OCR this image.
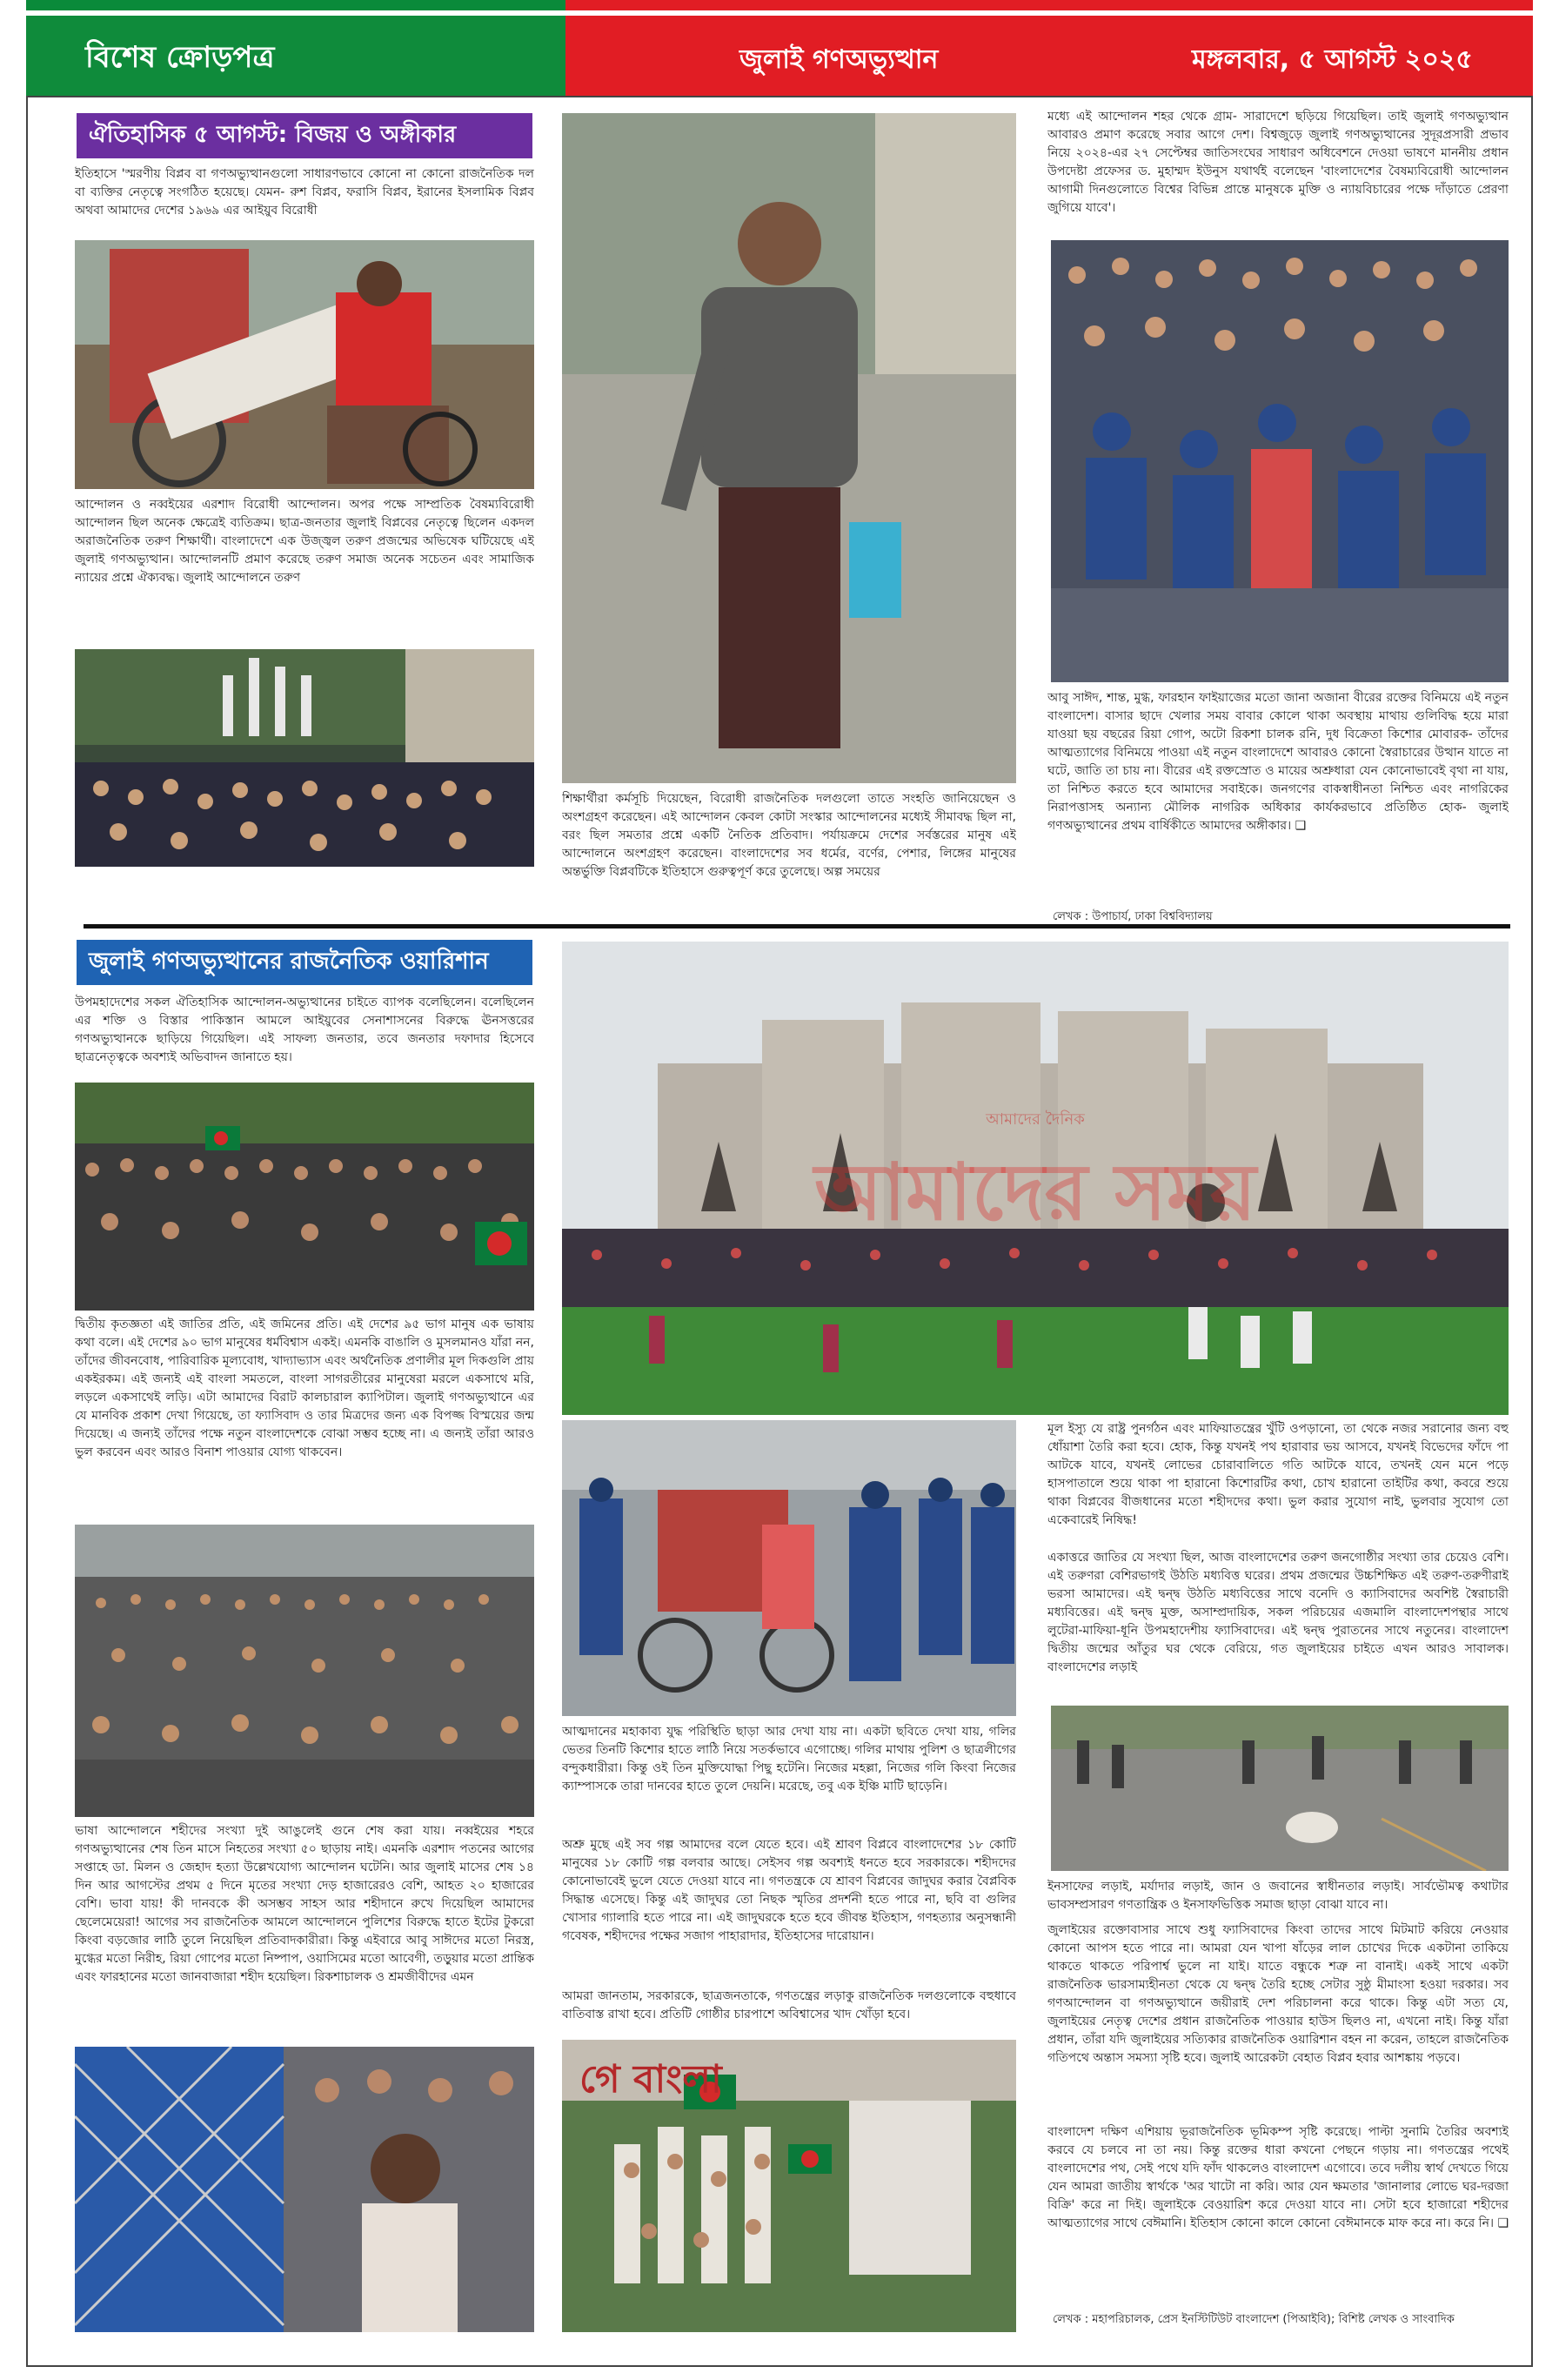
বিশেষ ক্রোড়পত্র	জুলাই গণঅভ্যুত্থান	মঙ্গলবার, ৫ আগস্ট ২০২৫
ঐতিহাসিক ৫ আগস্ট: বিজয় ও অঙ্গীকার

ইতিহাসে 'স্মরণীয় বিপ্লব বা গণঅভ্যুত্থানগুলো সাধারণভাবে কোনো না কোনো রাজনৈতিক দল বা ব্যক্তির নেতৃত্বে সংগঠিত হয়েছে। যেমন- রুশ বিপ্লব, ফরাসি বিপ্লব, ইরানের ইসলামিক বিপ্লব অথবা আমাদের দেশের ১৯৬৯ এর আইয়ুব বিরোধী

আন্দোলন ও নব্বইয়ের এরশাদ বিরোধী আন্দোলন। অপর পক্ষে সাম্প্রতিক বৈষম্যবিরোধী আন্দোলন ছিল অনেক ক্ষেত্রেই ব্যতিক্রম। ছাত্র-জনতার জুলাই বিপ্লবের নেতৃত্বে ছিলেন একদল অরাজনৈতিক তরুণ শিক্ষার্থী। বাংলাদেশে এক উজ্জ্বল তরুণ প্রজন্মের অভিষেক ঘটিয়েছে এই জুলাই গণঅভ্যুত্থান। আন্দোলনটি প্রমাণ করেছে তরুণ সমাজ অনেক সচেতন এবং সামাজিক ন্যায়ের প্রশ্নে ঐক্যবদ্ধ। জুলাই আন্দোলনে তরুণ

শিক্ষার্থীরা কর্মসূচি দিয়েছেন, বিরোধী রাজনৈতিক দলগুলো তাতে সংহতি জানিয়েছেন ও অংশগ্রহণ করেছেন। এই আন্দোলন কেবল কোটা সংস্কার আন্দোলনের মধ্যেই সীমাবদ্ধ ছিল না, বরং ছিল সমতার প্রশ্নে একটি নৈতিক প্রতিবাদ। পর্যায়ক্রমে দেশের সর্বস্তরের মানুষ এই আন্দোলনে অংশগ্রহণ করেছেন। বাংলাদেশের সব ধর্মের, বর্ণের, পেশার, লিঙ্গের মানুষের অন্তর্ভুক্তি বিপ্লবটিকে ইতিহাসে গুরুত্বপূর্ণ করে তুলেছে। অল্প সময়ের

মধ্যে এই আন্দোলন শহর থেকে গ্রাম- সারাদেশে ছড়িয়ে গিয়েছিল। তাই জুলাই গণঅভ্যুত্থান আবারও প্রমাণ করেছে সবার আগে দেশ। বিশ্বজুড়ে জুলাই গণঅভ্যুত্থানের সুদূরপ্রসারী প্রভাব নিয়ে ২০২৪-এর ২৭ সেপ্টেম্বর জাতিসংঘের সাধারণ অধিবেশনে দেওয়া ভাষণে মাননীয় প্রধান উপদেষ্টা প্রফেসর ড. মুহাম্মদ ইউনুস যথার্থই বলেছেন 'বাংলাদেশের বৈষম্যবিরোধী আন্দোলন আগামী দিনগুলোতে বিশ্বের বিভিন্ন প্রান্তে মানুষকে মুক্তি ও ন্যায়বিচারের পক্ষে দাঁড়াতে প্রেরণা জুগিয়ে যাবে'।

আবু সাঈদ, শান্ত, মুগ্ধ, ফারহান ফাইয়াজের মতো জানা অজানা বীরের রক্তের বিনিময়ে এই নতুন বাংলাদেশ। বাসার ছাদে খেলার সময় বাবার কোলে থাকা অবস্থায় মাথায় গুলিবিদ্ধ হয়ে মারা যাওয়া ছয় বছরের রিয়া গোপ, অটো রিকশা চালক রনি, দুধ বিক্রেতা কিশোর মোবারক- তাঁদের আত্মত্যাগের বিনিময়ে পাওয়া এই নতুন বাংলাদেশে আবারও কোনো স্বৈরাচারের উত্থান যাতে না ঘটে, জাতি তা চায় না। বীরের এই রক্তস্রোত ও মায়ের অশ্রুধারা যেন কোনোভাবেই বৃথা না যায়, তা নিশ্চিত করতে হবে আমাদের সবাইকে। জনগণের বাকস্বাধীনতা নিশ্চিত এবং নাগরিকের নিরাপত্তাসহ অন্যান্য মৌলিক নাগরিক অধিকার কার্যকরভাবে প্রতিষ্ঠিত হোক- জুলাই গণঅভ্যুত্থানের প্রথম বার্ষিকীতে আমাদের অঙ্গীকার। ❑

লেখক : উপাচার্য, ঢাকা বিশ্ববিদ্যালয়
জুলাই গণঅভ্যুত্থানের রাজনৈতিক ওয়ারিশান

উপমহাদেশের সকল ঐতিহাসিক আন্দোলন-অভ্যুত্থানের চাইতে ব্যাপক বলেছিলেন। বলেছিলেন এর শক্তি ও বিস্তার পাকিস্তান আমলে আইয়ুবের সেনাশাসনের বিরুদ্ধে ঊনসত্তরের গণঅভ্যুত্থানকে ছাড়িয়ে গিয়েছিল। এই সাফল্য জনতার, তবে জনতার দফাদার হিসেবে ছাত্রনেতৃত্বকে অবশ্যই অভিবাদন জানাতে হয়।

দ্বিতীয় কৃতজ্ঞতা এই জাতির প্রতি, এই জমিনের প্রতি। এই দেশের ৯৫ ভাগ মানুষ এক ভাষায় কথা বলে। এই দেশের ৯০ ভাগ মানুষের ধর্মবিশ্বাস একই। এমনকি বাঙালি ও মুসলমানও যাঁরা নন, তাঁদের জীবনবোধ, পারিবারিক মূল্যবোধ, খাদ্যাভ্যাস এবং অর্থনৈতিক প্রণালীর মূল দিকগুলি প্রায় একইরকম। এই জন্যই এই বাংলা সমতলে, বাংলা সাগরতীরের মানুষেরা মরলে একসাথে মরি, লড়লে একসাথেই লড়ি। এটা আমাদের বিরাট কালচারাল ক্যাপিটাল। জুলাই গণঅভ্যুত্থানে এর যে মানবিক প্রকাশ দেখা গিয়েছে, তা ফ্যাসিবাদ ও তার মিত্রদের জন্য এক বিপজ্জ বিস্ময়ের জন্ম দিয়েছে। এ জন্যই তাঁদের পক্ষে নতুন বাংলাদেশকে বোঝা সম্ভব হচ্ছে না। এ জন্যই তাঁরা আরও ভুল করবেন এবং আরও বিনাশ পাওয়ার যোগ্য থাকবেন।

ভাষা আন্দোলনে শহীদের সংখ্যা দুই আঙুলেই গুনে শেষ করা যায়। নব্বইয়ের শহরে গণঅভ্যুত্থানের শেষ তিন মাসে নিহতের সংখ্যা ৫০ ছাড়ায় নাই। এমনকি এরশাদ পতনের আগের সপ্তাহে ডা. মিলন ও জেহাদ হত্যা উল্লেখযোগ্য আন্দোলন ঘটেনি। আর জুলাই মাসের শেষ ১৪ দিন আর আগস্টের প্রথম ৫ দিনে মৃতের সংখ্যা দেড় হাজারেরও বেশি, আহত ২০ হাজারের বেশি। ভাবা যায়! কী দানবকে কী অসম্ভব সাহস আর শহীদানে রুখে দিয়েছিল আমাদের ছেলেমেয়েরা! আগের সব রাজনৈতিক আমলে আন্দোলনে পুলিশের বিরুদ্ধে হাতে ইটের টুকরো কিংবা বড়জোর লাঠি তুলে নিয়েছিল প্রতিবাদকারীরা। কিন্তু এইবারে আবু সাঈদের মতো নিরস্ত্র, মুগ্ধের মতো নিরীহ, রিয়া গোপের মতো নিষ্পাপ, ওয়াসিমের মতো আবেগী, তড়ুয়ার মতো প্রান্তিক এবং ফারহানের মতো জানবাজারা শহীদ হয়েছিল। রিকশাচালক ও শ্রমজীবীদের এমন

আমাদের সময়
আমাদের দৈনিক

আত্মদানের মহাকাব্য যুদ্ধ পরিস্থিতি ছাড়া আর দেখা যায় না। একটা ছবিতে দেখা যায়, গলির ভেতর তিনটি কিশোর হাতে লাঠি নিয়ে সতর্কভাবে এগোচ্ছে। গলির মাথায় পুলিশ ও ছাত্রলীগের বন্দুকধারীরা। কিন্তু ওই তিন মুক্তিযোদ্ধা পিছু হটেনি। নিজের মহল্লা, নিজের গলি কিংবা নিজের ক্যাম্পাসকে তারা দানবের হাতে তুলে দেয়নি। মরেছে, তবু এক ইঞ্চি মাটি ছাড়েনি।

অশ্রু মুছে এই সব গল্প আমাদের বলে যেতে হবে। এই শ্রাবণ বিপ্লবে বাংলাদেশের ১৮ কোটি মানুষের ১৮ কোটি গল্প বলবার আছে। সেইসব গল্প অবশ্যই ধনতে হবে সরকারকে। শহীদদের কোনোভাবেই ভুলে যেতে দেওয়া যাবে না। গণতন্ত্রকে যে শ্রাবণ বিপ্লবের জাদুঘর করার বৈপ্লবিক সিদ্ধান্ত এসেছে। কিন্তু এই জাদুঘর তো নিছক স্মৃতির প্রদর্শনী হতে পারে না, ছবি বা গুলির খোসার গ্যালারি হতে পারে না। এই জাদুঘরকে হতে হবে জীবন্ত ইতিহাস, গণহত্যার অনুসন্ধানী গবেষক, শহীদদের পক্ষের সজাগ পাহারাদার, ইতিহাসের দারোয়ান।

আমরা জানতাম, সরকারকে, ছাত্রজনতাকে, গণতন্ত্রের লড়াকু রাজনৈতিক দলগুলোকে বহুধাবে বাতিবাস্ত রাখা হবে। প্রতিটি গোষ্ঠীর চারপাশে অবিশ্বাসের খাদ খোঁড়া হবে।

গে বাংলা

মূল ইস্যু যে রাষ্ট্র পুনর্গঠন এবং মাফিয়াতন্ত্রের খুঁটি ওপড়ানো, তা থেকে নজর সরানোর জন্য বহু ধোঁয়াশা তৈরি করা হবে। হোক, কিন্তু যখনই পথ হারাবার ভয় আসবে, যখনই বিভেদের ফাঁদে পা আটকে যাবে, যখনই লোভের চোরাবালিতে গতি আটকে যাবে, তখনই যেন মনে পড়ে হাসপাতালে শুয়ে থাকা পা হারানো কিশোরটির কথা, চোখ হারানো তাইটির কথা, কবরে শুয়ে থাকা বিপ্লবের বীজধানের মতো শহীদদের কথা। ভুল করার সুযোগ নাই, ভুলবার সুযোগ তো একেবারেই নিষিদ্ধ!

একাত্তরে জাতির যে সংখ্যা ছিল, আজ বাংলাদেশের তরুণ জনগোষ্ঠীর সংখ্যা তার চেয়েও বেশি। এই তরুণরা বেশিরভাগই উঠতি মধ্যবিত্ত ঘরের। প্রথম প্রজন্মের উচ্চশিক্ষিত এই তরুণ-তরুণীরাই ভরসা আমাদের। এই দ্বন্দ্ব উঠতি মধ্যবিত্তের সাথে বনেদি ও ক্যাসিবাদের অবশিষ্ট স্বৈরাচারী মধ্যবিত্তের। এই দ্বন্দ্ব মুক্ত, অসাম্প্রদায়িক, সকল পরিচয়ের এজমালি বাংলাদেশপন্থার সাথে লুটেরা-মাফিয়া-ধূনি উপমহাদেশীয় ফ্যাসিবাদের। এই দ্বন্দ্ব পুরাতনের সাথে নতুনের। বাংলাদেশ দ্বিতীয় জন্মের আঁতুর ঘর থেকে বেরিয়ে, গত জুলাইয়ের চাইতে এখন আরও সাবালক। বাংলাদেশের লড়াই

ইনসাফের লড়াই, মর্যাদার লড়াই, জান ও জবানের স্বাধীনতার লড়াই। সার্বভৌমত্ব কথাটার ভাবসম্প্রসারণ গণতান্ত্রিক ও ইনসাফভিত্তিক সমাজ ছাড়া বোঝা যাবে না।

জুলাইয়ের রক্তোবাসার সাথে শুধু ফ্যাসিবাদের কিংবা তাদের সাথে মিটমাট করিয়ে নেওয়ার কোনো আপস হতে পারে না। আমরা যেন খাপা ষাঁড়ের লাল চোখের দিকে একটানা তাকিয়ে থাকতে থাকতে পরিপার্শ্ব ভুলে না যাই। যাতে বন্ধুকে শত্রু না বানাই। একই সাথে একটা রাজনৈতিক ভারসাম্যহীনতা থেকে যে দ্বন্দ্ব তৈরি হচ্ছে সেটার সুষ্ঠু মীমাংসা হওয়া দরকার। সব গণআন্দোলন বা গণঅভ্যুত্থানে জয়ীরাই দেশ পরিচালনা করে থাকে। কিন্তু এটা সত্য যে, জুলাইয়ের নেতৃত্ব দেশের প্রধান রাজনৈতিক পাওয়ার হাউস ছিলও না, এখনো নাই। কিন্তু যাঁরা প্রধান, তাঁরা যদি জুলাইয়ের সত্যিকার রাজনৈতিক ওয়ারিশান বহন না করেন, তাহলে রাজনৈতিক গতিপথে অন্তাস সমস্যা সৃষ্টি হবে। জুলাই আরেকটা বেহাত বিপ্লব হবার আশঙ্কায় পড়বে।

বাংলাদেশ দক্ষিণ এশিয়ায় ভূরাজনৈতিক ভূমিকম্প সৃষ্টি করেছে। পাল্টা সুনামি তৈরির অবশ্যই করবে যে চলবে না তা নয়। কিন্তু রক্তের ধারা কখনো পেছনে গড়ায় না। গণতন্ত্রের পথেই বাংলাদেশের পথ, সেই পথে যদি ফাঁদ থাকলেও বাংলাদেশ এগোবে। তবে দলীয় স্বার্থ দেখতে গিয়ে যেন আমরা জাতীয় স্বার্থকে 'অর খাটো না করি। আর যেন ক্ষমতার 'জানালার লোভে ঘর-দরজা বিক্রি' করে না দিই। জুলাইকে বেওয়ারিশ করে দেওয়া যাবে না। সেটা হবে হাজারো শহীদের আত্মত্যাগের সাথে বেঈমানি। ইতিহাস কোনো কালে কোনো বেঈমানকে মাফ করে না। করে নি। ❑

লেখক : মহাপরিচালক, প্রেস ইনস্টিটিউট বাংলাদেশ (পিআইবি); বিশিষ্ট লেখক ও সাংবাদিক
